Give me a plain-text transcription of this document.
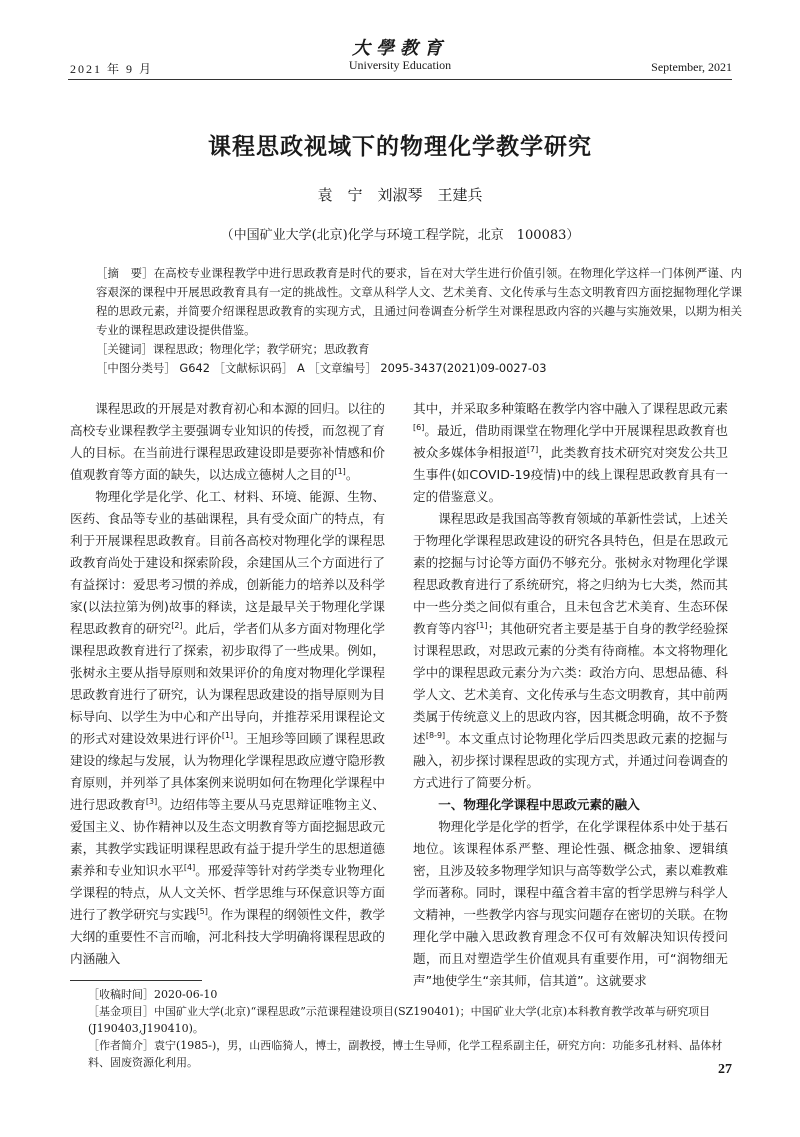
2021 年 9 月
大學教育
University Education	September, 2021
课程思政视域下的物理化学教学研究
袁　宁　刘淑琴　王建兵
（中国矿业大学(北京)化学与环境工程学院，北京　100083）
［摘　要］在高校专业课程教学中进行思政教育是时代的要求，旨在对大学生进行价值引领。在物理化学这样一门体例严谨、内容艰深的课程中开展思政教育具有一定的挑战性。文章从科学人文、艺术美育、文化传承与生态文明教育四方面挖掘物理化学课程的思政元素，并简要介绍课程思政教育的实现方式，且通过问卷调查分析学生对课程思政内容的兴趣与实施效果，以期为相关专业的课程思政建设提供借鉴。
［关键词］课程思政；物理化学；教学研究；思政教育
［中图分类号］ G642 ［文献标识码］ A ［文章编号］ 2095-3437(2021)09-0027-03

课程思政的开展是对教育初心和本源的回归。以往的高校专业课程教学主要强调专业知识的传授，而忽视了育人的目标。在当前进行课程思政建设即是要弥补情感和价值观教育等方面的缺失，以达成立德树人之目的[1]。

物理化学是化学、化工、材料、环境、能源、生物、医药、食品等专业的基础课程，具有受众面广的特点，有利于开展课程思政教育。目前各高校对物理化学的课程思政教育尚处于建设和探索阶段，余建国从三个方面进行了有益探讨：爱思考习惯的养成，创新能力的培养以及科学家(以法拉第为例)故事的释读，这是最早关于物理化学课程思政教育的研究[2]。此后，学者们从多方面对物理化学课程思政教育进行了探索，初步取得了一些成果。例如，张树永主要从指导原则和效果评价的角度对物理化学课程思政教育进行了研究，认为课程思政建设的指导原则为目标导向、以学生为中心和产出导向，并推荐采用课程论文的形式对建设效果进行评价[1]。王旭珍等回顾了课程思政建设的缘起与发展，认为物理化学课程思政应遵守隐形教育原则，并列举了具体案例来说明如何在物理化学课程中进行思政教育[3]。边绍伟等主要从马克思辩证唯物主义、爱国主义、协作精神以及生态文明教育等方面挖掘思政元素，其教学实践证明课程思政有益于提升学生的思想道德素养和专业知识水平[4]。邢爱萍等针对药学类专业物理化学课程的特点，从人文关怀、哲学思维与环保意识等方面进行了教学研究与实践[5]。作为课程的纲领性文件，教学大纲的重要性不言而喻，河北科技大学明确将课程思政的内涵融入

其中，并采取多种策略在教学内容中融入了课程思政元素[6]。最近，借助雨课堂在物理化学中开展课程思政教育也被众多媒体争相报道[7]，此类教育技术研究对突发公共卫生事件(如COVID-19疫情)中的线上课程思政教育具有一定的借鉴意义。

课程思政是我国高等教育领域的革新性尝试，上述关于物理化学课程思政建设的研究各具特色，但是在思政元素的挖掘与讨论等方面仍不够充分。张树永对物理化学课程思政教育进行了系统研究，将之归纳为七大类，然而其中一些分类之间似有重合，且未包含艺术美育、生态环保教育等内容[1]；其他研究者主要是基于自身的教学经验探讨课程思政，对思政元素的分类有待商榷。本文将物理化学中的课程思政元素分为六类：政治方向、思想品德、科学人文、艺术美育、文化传承与生态文明教育，其中前两类属于传统意义上的思政内容，因其概念明确，故不予赘述[8-9]。本文重点讨论物理化学后四类思政元素的挖掘与融入，初步探讨课程思政的实现方式，并通过问卷调查的方式进行了简要分析。

一、物理化学课程中思政元素的融入

物理化学是化学的哲学，在化学课程体系中处于基石地位。该课程体系严整、理论性强、概念抽象、逻辑缜密，且涉及较多物理学知识与高等数学公式，素以难教难学而著称。同时，课程中蕴含着丰富的哲学思辨与科学人文精神，一些教学内容与现实问题存在密切的关联。在物理化学中融入思政教育理念不仅可有效解决知识传授问题，而且对塑造学生价值观具有重要作用，可“润物细无声”地使学生“亲其师，信其道”。这就要求

［收稿时间］2020-06-10
［基金项目］中国矿业大学(北京)“课程思政”示范课程建设项目(SZ190401)；中国矿业大学(北京)本科教育教学改革与研究项目(J190403,J190410)。
［作者简介］袁宁(1985-)，男，山西临猗人，博士，副教授，博士生导师，化学工程系副主任，研究方向：功能多孔材料、晶体材料、固废资源化利用。	27
